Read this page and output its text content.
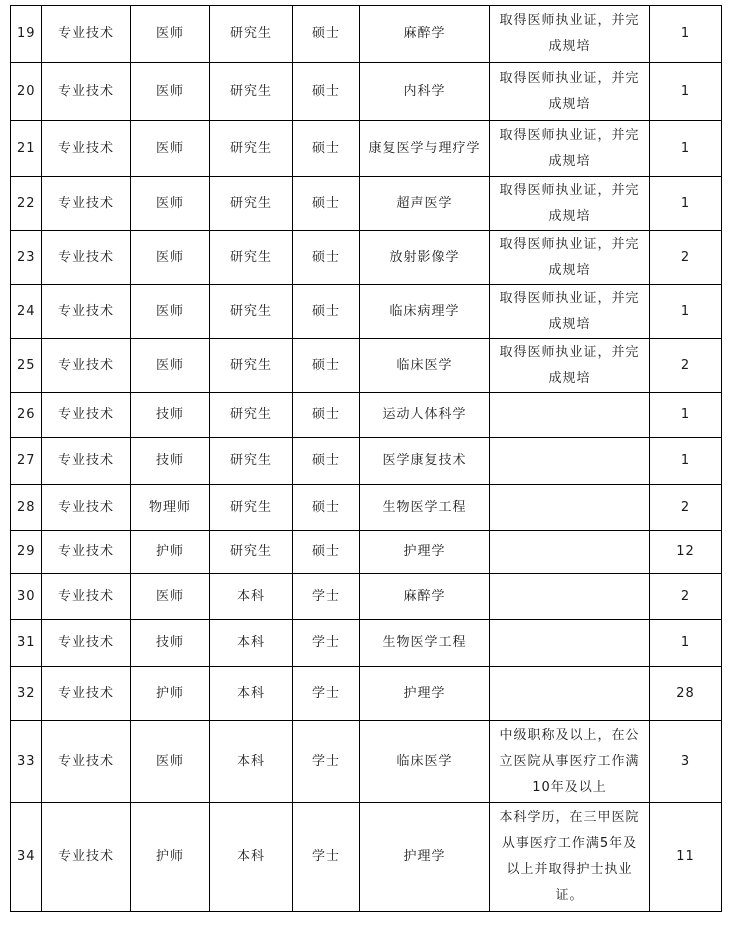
19	专业技术	医师	研究生	硕士	麻醉学	取得医师执业证，并完成规培	1
20	专业技术	医师	研究生	硕士	内科学	取得医师执业证，并完成规培	1
21	专业技术	医师	研究生	硕士	康复医学与理疗学	取得医师执业证，并完成规培	1
22	专业技术	医师	研究生	硕士	超声医学	取得医师执业证，并完成规培	1
23	专业技术	医师	研究生	硕士	放射影像学	取得医师执业证，并完成规培	2
24	专业技术	医师	研究生	硕士	临床病理学	取得医师执业证，并完成规培	1
25	专业技术	医师	研究生	硕士	临床医学	取得医师执业证，并完成规培	2
26	专业技术	技师	研究生	硕士	运动人体科学		1
27	专业技术	技师	研究生	硕士	医学康复技术		1
28	专业技术	物理师	研究生	硕士	生物医学工程		2
29	专业技术	护师	研究生	硕士	护理学		12
30	专业技术	医师	本科	学士	麻醉学		2
31	专业技术	技师	本科	学士	生物医学工程		1
32	专业技术	护师	本科	学士	护理学		28
33	专业技术	医师	本科	学士	临床医学	中级职称及以上，在公立医院从事医疗工作满10年及以上	3
34	专业技术	护师	本科	学士	护理学	本科学历，在三甲医院从事医疗工作满5年及以上并取得护士执业证。	11
